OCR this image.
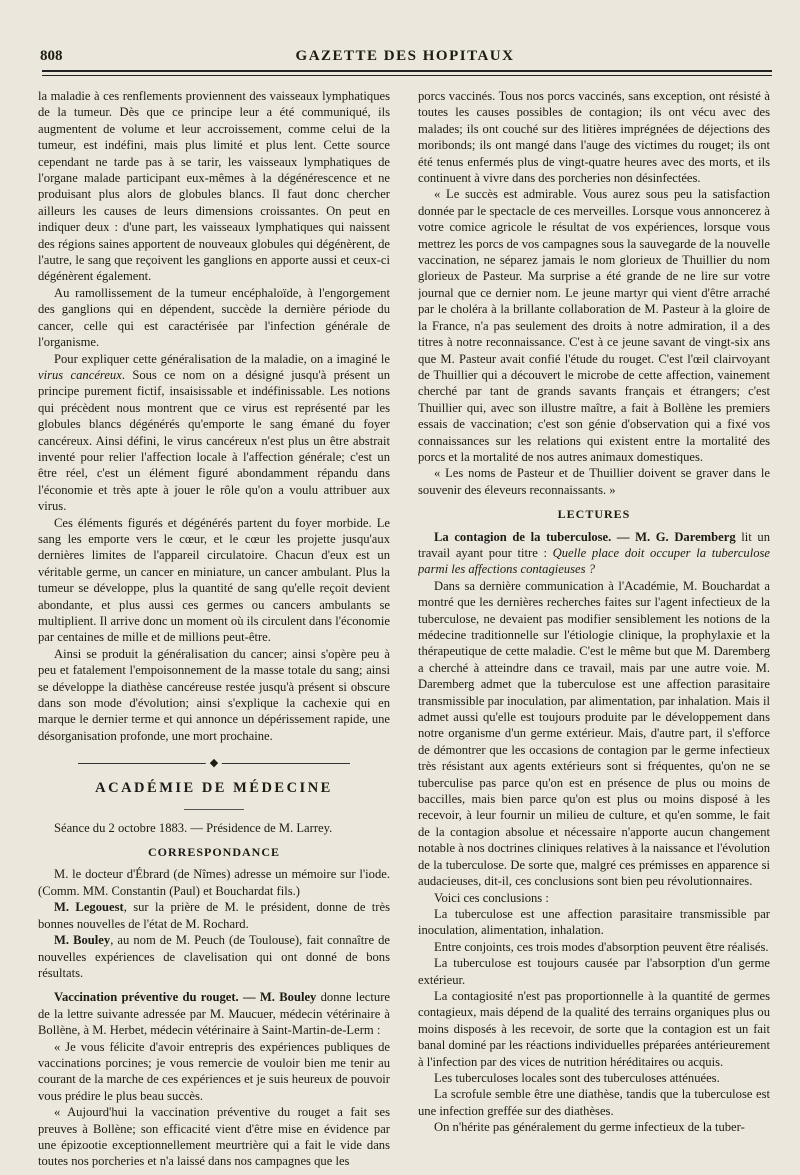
808	GAZETTE DES HOPITAUX

la maladie à ces renflements proviennent des vaisseaux lymphatiques de la tumeur. Dès que ce principe leur a été communiqué, ils augmentent de volume et leur accroissement, comme celui de la tumeur, est indéfini, mais plus limité et plus lent. Cette source cependant ne tarde pas à se tarir, les vaisseaux lymphatiques de l'organe malade participant eux-mêmes à la dégénérescence et ne produisant plus alors de globules blancs. Il faut donc chercher ailleurs les causes de leurs dimensions croissantes. On peut en indiquer deux : d'une part, les vaisseaux lymphatiques qui naissent des régions saines apportent de nouveaux globules qui dégénèrent, de l'autre, le sang que reçoivent les ganglions en apporte aussi et ceux-ci dégénèrent également.

Au ramollissement de la tumeur encéphaloïde, à l'engorgement des ganglions qui en dépendent, succède la dernière période du cancer, celle qui est caractérisée par l'infection générale de l'organisme.

Pour expliquer cette généralisation de la maladie, on a imaginé le virus cancéreux. Sous ce nom on a désigné jusqu'à présent un principe purement fictif, insaisissable et indéfinissable. Les notions qui précèdent nous montrent que ce virus est représenté par les globules blancs dégénérés qu'emporte le sang émané du foyer cancéreux. Ainsi défini, le virus cancéreux n'est plus un être abstrait inventé pour relier l'affection locale à l'affection générale; c'est un être réel, c'est un élément figuré abondamment répandu dans l'économie et très apte à jouer le rôle qu'on a voulu attribuer aux virus.

Ces éléments figurés et dégénérés partent du foyer morbide. Le sang les emporte vers le cœur, et le cœur les projette jusqu'aux dernières limites de l'appareil circulatoire. Chacun d'eux est un véritable germe, un cancer en miniature, un cancer ambulant. Plus la tumeur se développe, plus la quantité de sang qu'elle reçoit devient abondante, et plus aussi ces germes ou cancers ambulants se multiplient. Il arrive donc un moment où ils circulent dans l'économie par centaines de mille et de millions peut-être.

Ainsi se produit la généralisation du cancer; ainsi s'opère peu à peu et fatalement l'empoisonnement de la masse totale du sang; ainsi se développe la diathèse cancéreuse restée jusqu'à présent si obscure dans son mode d'évolution; ainsi s'explique la cachexie qui en marque le dernier terme et qui annonce un dépérissement rapide, une désorganisation profonde, une mort prochaine.

◆
ACADÉMIE DE MÉDECINE

Séance du 2 octobre 1883. — Présidence de M. Larrey.

CORRESPONDANCE

M. le docteur d'Ébrard (de Nîmes) adresse un mémoire sur l'iode. (Comm. MM. Constantin (Paul) et Bouchardat fils.)

M. Legouest, sur la prière de M. le président, donne de très bonnes nouvelles de l'état de M. Rochard.

M. Bouley, au nom de M. Peuch (de Toulouse), fait connaître de nouvelles expériences de clavelisation qui ont donné de bons résultats.

Vaccination préventive du rouget. — M. Bouley donne lecture de la lettre suivante adressée par M. Maucuer, médecin vétérinaire à Bollène, à M. Herbet, médecin vétérinaire à Saint-Martin-de-Lerm :

« Je vous félicite d'avoir entrepris des expériences publiques de vaccinations porcines; je vous remercie de vouloir bien me tenir au courant de la marche de ces expériences et je suis heureux de pouvoir vous prédire le plus beau succès.

« Aujourd'hui la vaccination préventive du rouget a fait ses preuves à Bollène; son efficacité vient d'être mise en évidence par une épizootie exceptionnellement meurtrière qui a fait le vide dans toutes nos porcheries et n'a laissé dans nos campagnes que les

porcs vaccinés. Tous nos porcs vaccinés, sans exception, ont résisté à toutes les causes possibles de contagion; ils ont vécu avec des malades; ils ont couché sur des litières imprégnées de déjections des moribonds; ils ont mangé dans l'auge des victimes du rouget; ils ont été tenus enfermés plus de vingt-quatre heures avec des morts, et ils continuent à vivre dans des porcheries non désinfectées.

« Le succès est admirable. Vous aurez sous peu la satisfaction donnée par le spectacle de ces merveilles. Lorsque vous annoncerez à votre comice agricole le résultat de vos expériences, lorsque vous mettrez les porcs de vos campagnes sous la sauvegarde de la nouvelle vaccination, ne séparez jamais le nom glorieux de Thuillier du nom glorieux de Pasteur. Ma surprise a été grande de ne lire sur votre journal que ce dernier nom. Le jeune martyr qui vient d'être arraché par le choléra à la brillante collaboration de M. Pasteur à la gloire de la France, n'a pas seulement des droits à notre admiration, il a des titres à notre reconnaissance. C'est à ce jeune savant de vingt-six ans que M. Pasteur avait confié l'étude du rouget. C'est l'œil clairvoyant de Thuillier qui a découvert le microbe de cette affection, vainement cherché par tant de grands savants français et étrangers; c'est Thuillier qui, avec son illustre maître, a fait à Bollène les premiers essais de vaccination; c'est son génie d'observation qui a fixé vos connaissances sur les relations qui existent entre la mortalité des porcs et la mortalité de nos autres animaux domestiques.

« Les noms de Pasteur et de Thuillier doivent se graver dans le souvenir des éleveurs reconnaissants. »

LECTURES

La contagion de la tuberculose. — M. G. Daremberg lit un travail ayant pour titre : Quelle place doit occuper la tuberculose parmi les affections contagieuses ?

Dans sa dernière communication à l'Académie, M. Bouchardat a montré que les dernières recherches faites sur l'agent infectieux de la tuberculose, ne devaient pas modifier sensiblement les notions de la médecine traditionnelle sur l'étiologie clinique, la prophylaxie et la thérapeutique de cette maladie. C'est le même but que M. Daremberg a cherché à atteindre dans ce travail, mais par une autre voie. M. Daremberg admet que la tuberculose est une affection parasitaire transmissible par inoculation, par alimentation, par inhalation. Mais il admet aussi qu'elle est toujours produite par le développement dans notre organisme d'un germe extérieur. Mais, d'autre part, il s'efforce de démontrer que les occasions de contagion par le germe infectieux très résistant aux agents extérieurs sont si fréquentes, qu'on ne se tuberculise pas parce qu'on est en présence de plus ou moins de baccilles, mais bien parce qu'on est plus ou moins disposé à les recevoir, à leur fournir un milieu de culture, et qu'en somme, le fait de la contagion absolue et nécessaire n'apporte aucun changement notable à nos doctrines cliniques relatives à la naissance et l'évolution de la tuberculose. De sorte que, malgré ces prémisses en apparence si audacieuses, dit-il, ces conclusions sont bien peu révolutionnaires.

Voici ces conclusions :

La tuberculose est une affection parasitaire transmissible par inoculation, alimentation, inhalation.

Entre conjoints, ces trois modes d'absorption peuvent être réalisés.

La tuberculose est toujours causée par l'absorption d'un germe extérieur.

La contagiosité n'est pas proportionnelle à la quantité de germes contagieux, mais dépend de la qualité des terrains organiques plus ou moins disposés à les recevoir, de sorte que la contagion est un fait banal dominé par les réactions individuelles préparées antérieurement à l'infection par des vices de nutrition héréditaires ou acquis.

Les tuberculoses locales sont des tuberculoses atténuées.

La scrofule semble être une diathèse, tandis que la tuberculose est une infection greffée sur des diathèses.

On n'hérite pas généralement du germe infectieux de la tuber-
